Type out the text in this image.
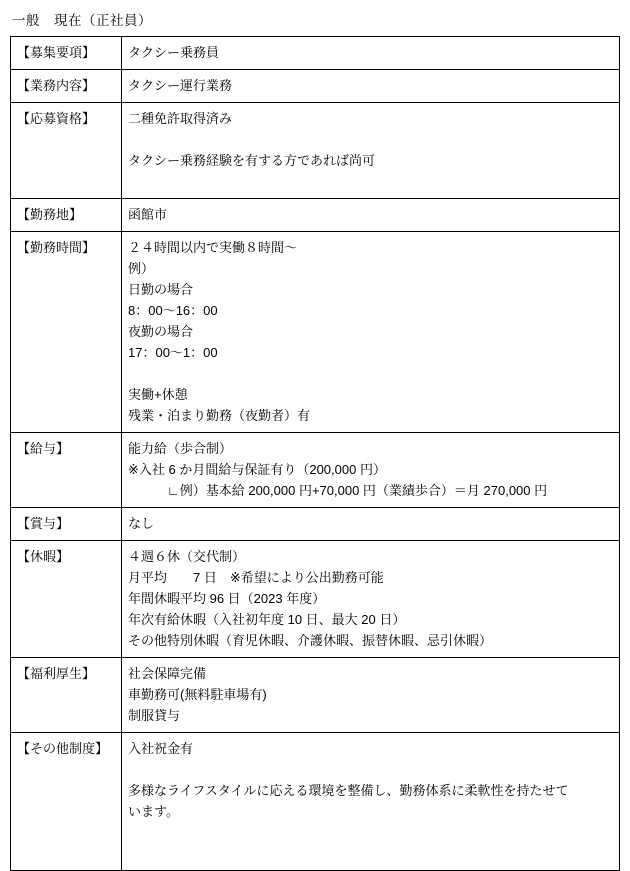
一般　現在（正社員）
【募集要項】	タクシー乗務員

【業務内容】	タクシー運行業務

【応募資格】	二種免許取得済み
タクシー乗務経験を有する方であれば尚可

【勤務地】	函館市

【勤務時間】	２４時間以内で実働８時間〜
例）
日勤の場合
8：00〜16：00
夜勤の場合
17：00〜1：00
実働+休憩
残業・泊まり勤務（夜勤者）有

【給与】	能力給（歩合制）
※入社 6 か月間給与保証有り（200,000 円）
　　　∟例）基本給 200,000 円+70,000 円（業績歩合）＝月 270,000 円

【賞与】	なし

【休暇】	４週６休（交代制）
月平均　　7 日　※希望により公出勤務可能
年間休暇平均 96 日（2023 年度）
年次有給休暇（入社初年度 10 日、最大 20 日）
その他特別休暇（育児休暇、介護休暇、振替休暇、忌引休暇）

【福利厚生】	社会保障完備
車勤務可(無料駐車場有)
制服貸与

【その他制度】	入社祝金有
多様なライフスタイルに応える環境を整備し、勤務体系に柔軟性を持たせて
います。
